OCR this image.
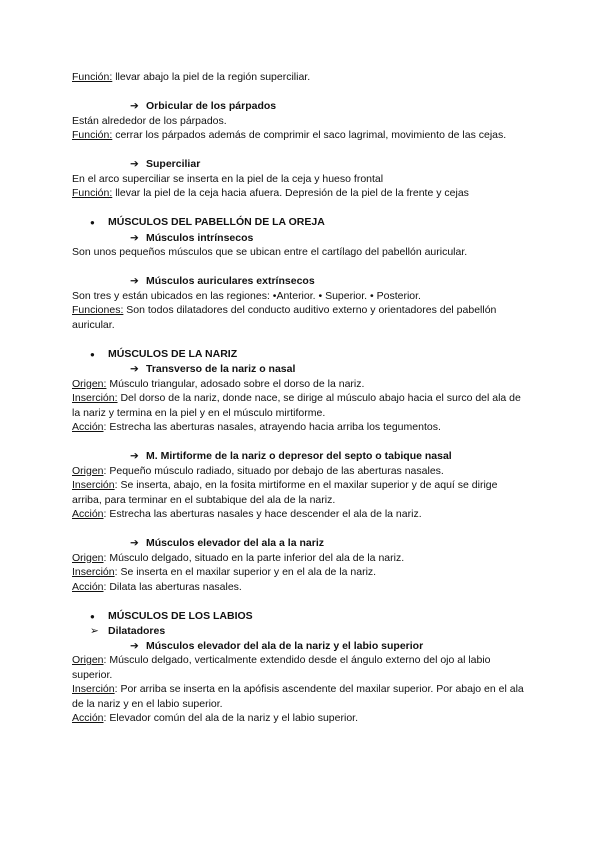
Función: llevar abajo la piel de la región superciliar.

➔ Orbicular de los párpados

Están alrededor de los párpados.

Función: cerrar los párpados además de comprimir el saco lagrimal, movimiento de las cejas.

➔ Superciliar

En el arco superciliar se inserta en la piel de la ceja y hueso frontal

Función: llevar la piel de la ceja hacia afuera. Depresión de la piel de la frente y cejas

● MÚSCULOS DEL PABELLÓN DE LA OREJA

➔ Músculos intrínsecos

Son unos pequeños músculos que se ubican entre el cartílago del pabellón auricular.

➔ Músculos auriculares extrínsecos

Son tres y están ubicados en las regiones: •Anterior. • Superior. • Posterior.

Funciones: Son todos dilatadores del conducto auditivo externo y orientadores del pabellón auricular.

● MÚSCULOS DE LA NARIZ

➔ Transverso de la nariz o nasal

Origen: Músculo triangular, adosado sobre el dorso de la nariz.

Inserción: Del dorso de la nariz, donde nace, se dirige al músculo abajo hacia el surco del ala de la nariz y termina en la piel y en el músculo mirtiforme.

Acción: Estrecha las aberturas nasales, atrayendo hacia arriba los tegumentos.

➔ M. Mirtiforme de la nariz o depresor del septo o tabique nasal

Origen: Pequeño músculo radiado, situado por debajo de las aberturas nasales.

Inserción: Se inserta, abajo, en la fosita mirtiforme en el maxilar superior y de aquí se dirige arriba, para terminar en el subtabique del ala de la nariz.

Acción: Estrecha las aberturas nasales y hace descender el ala de la nariz.

➔ Músculos elevador del ala a la nariz

Origen: Músculo delgado, situado en la parte inferior del ala de la nariz.

Inserción: Se inserta en el maxilar superior y en el ala de la nariz.

Acción: Dilata las aberturas nasales.

● MÚSCULOS DE LOS LABIOS

➢ Dilatadores

➔ Músculos elevador del ala de la nariz y el labio superior

Origen: Músculo delgado, verticalmente extendido desde el ángulo externo del ojo al labio superior.

Inserción: Por arriba se inserta en la apófisis ascendente del maxilar superior. Por abajo en el ala de la nariz y en el labio superior.

Acción: Elevador común del ala de la nariz y el labio superior.
